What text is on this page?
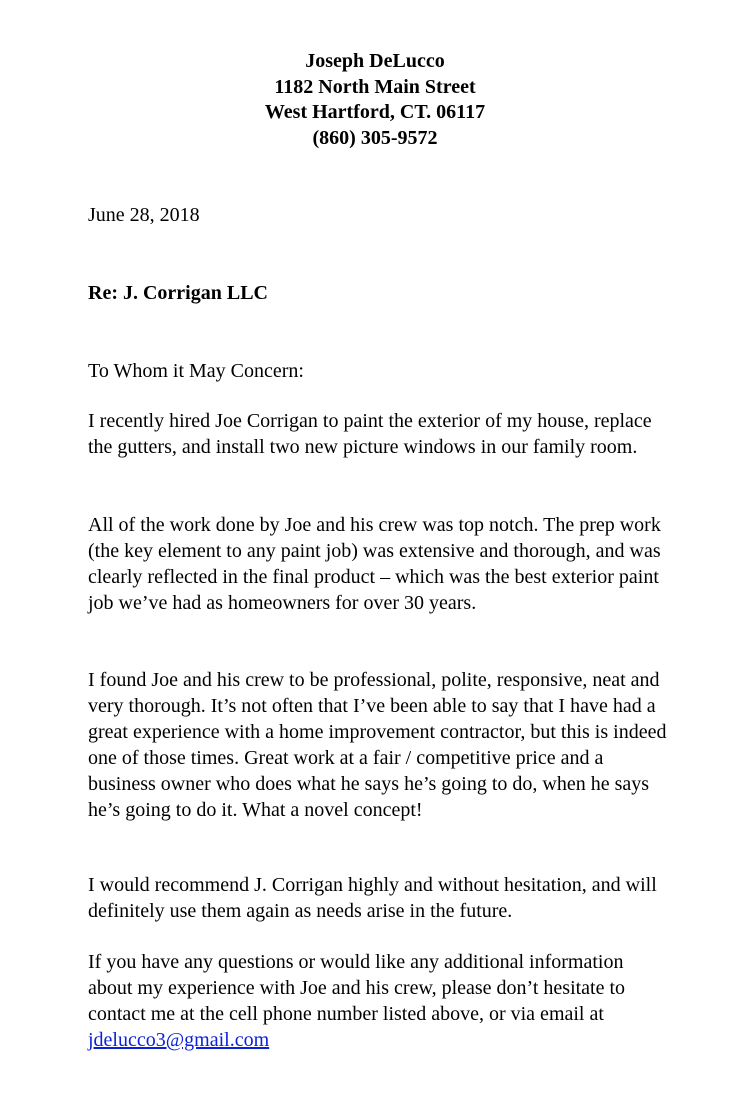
Joseph DeLucco
1182 North Main Street
West Hartford, CT. 06117
(860) 305-9572
June 28, 2018
Re: J. Corrigan LLC
To Whom it May Concern:
I recently hired Joe Corrigan to paint the exterior of my house, replace the gutters, and install two new picture windows in our family room.
All of the work done by Joe and his crew was top notch. The prep work (the key element to any paint job) was extensive and thorough, and was clearly reflected in the final product – which was the best exterior paint job we’ve had as homeowners for over 30 years.
I found Joe and his crew to be professional, polite, responsive, neat and very thorough. It’s not often that I’ve been able to say that I have had a great experience with a home improvement contractor, but this is indeed one of those times. Great work at a fair / competitive price and a business owner who does what he says he’s going to do, when he says he’s going to do it. What a novel concept!
I would recommend J. Corrigan highly and without hesitation, and will definitely use them again as needs arise in the future.
If you have any questions or would like any additional information about my experience with Joe and his crew, please don’t hesitate to contact me at the cell phone number listed above, or via email at jdelucco3@gmail.com
